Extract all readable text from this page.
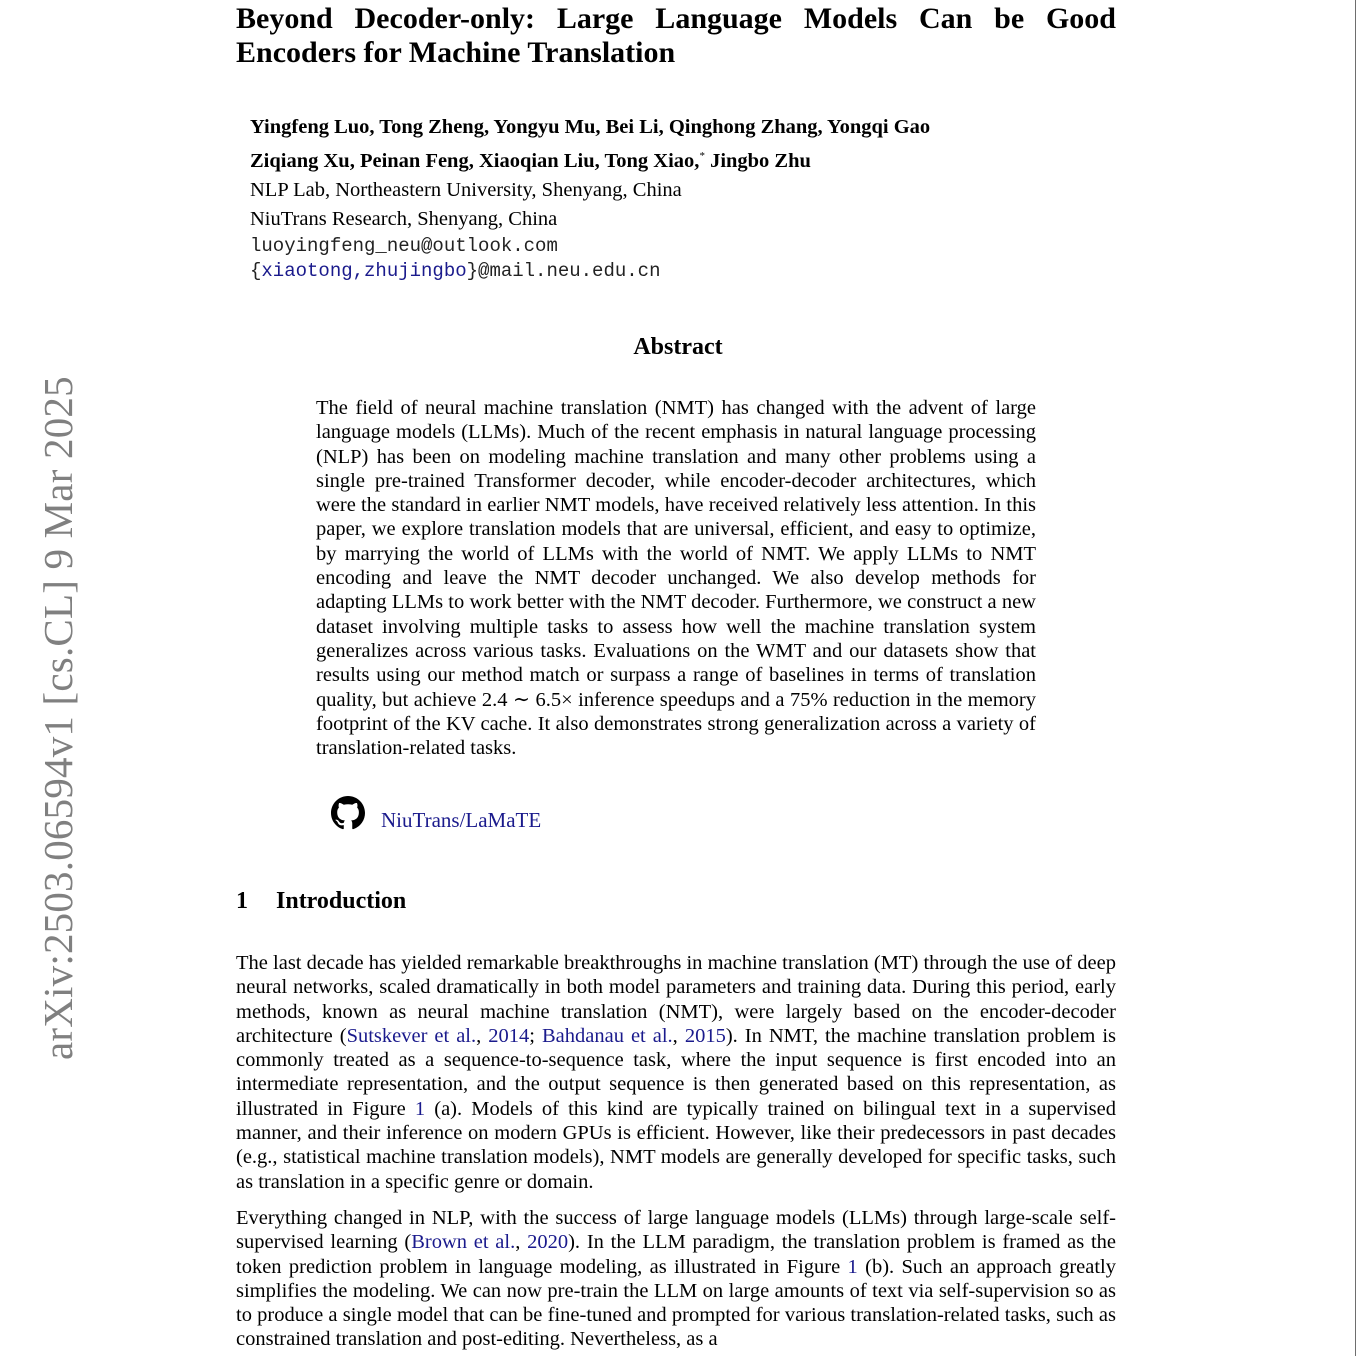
arXiv:2503.06594v1 [cs.CL] 9 Mar 2025
Beyond Decoder-only: Large Language Models Can be Good
Encoders for Machine Translation
Yingfeng Luo, Tong Zheng, Yongyu Mu, Bei Li, Qinghong Zhang, Yongqi Gao
Ziqiang Xu, Peinan Feng, Xiaoqian Liu, Tong Xiao,* Jingbo Zhu
NLP Lab, Northeastern University, Shenyang, China
NiuTrans Research, Shenyang, China
luoyingfeng_neu@outlook.com
{xiaotong,zhujingbo}@mail.neu.edu.cn
Abstract

The field of neural machine translation (NMT) has changed with the advent of large language models (LLMs). Much of the recent emphasis in natural language processing (NLP) has been on modeling machine translation and many other problems using a single pre-trained Transformer decoder, while encoder-decoder architectures, which were the standard in earlier NMT models, have received relatively less attention. In this paper, we explore translation models that are universal, efficient, and easy to optimize, by marrying the world of LLMs with the world of NMT. We apply LLMs to NMT encoding and leave the NMT decoder unchanged. We also develop methods for adapting LLMs to work better with the NMT decoder. Furthermore, we construct a new dataset involving multiple tasks to assess how well the machine translation system generalizes across various tasks. Evaluations on the WMT and our datasets show that results using our method match or surpass a range of baselines in terms of translation quality, but achieve 2.4 ∼ 6.5× inference speedups and a 75% reduction in the memory footprint of the KV cache. It also demonstrates strong generalization across a variety of translation-related tasks.

NiuTrans/LaMaTE
1 Introduction

The last decade has yielded remarkable breakthroughs in machine translation (MT) through the use of deep neural networks, scaled dramatically in both model parameters and training data. During this period, early methods, known as neural machine translation (NMT), were largely based on the encoder-decoder architecture (Sutskever et al., 2014; Bahdanau et al., 2015). In NMT, the machine translation problem is commonly treated as a sequence-to-sequence task, where the input sequence is first encoded into an intermediate representation, and the output sequence is then generated based on this representation, as illustrated in Figure 1 (a). Models of this kind are typically trained on bilingual text in a supervised manner, and their inference on modern GPUs is efficient. However, like their predecessors in past decades (e.g., statistical machine translation models), NMT models are generally developed for specific tasks, such as translation in a specific genre or domain.

Everything changed in NLP, with the success of large language models (LLMs) through large-scale self-supervised learning (Brown et al., 2020). In the LLM paradigm, the translation problem is framed as the token prediction problem in language modeling, as illustrated in Figure 1 (b). Such an approach greatly simplifies the modeling. We can now pre-train the LLM on large amounts of text via self-supervision so as to produce a single model that can be fine-tuned and prompted for various translation-related tasks, such as constrained translation and post-editing. Nevertheless, as a
